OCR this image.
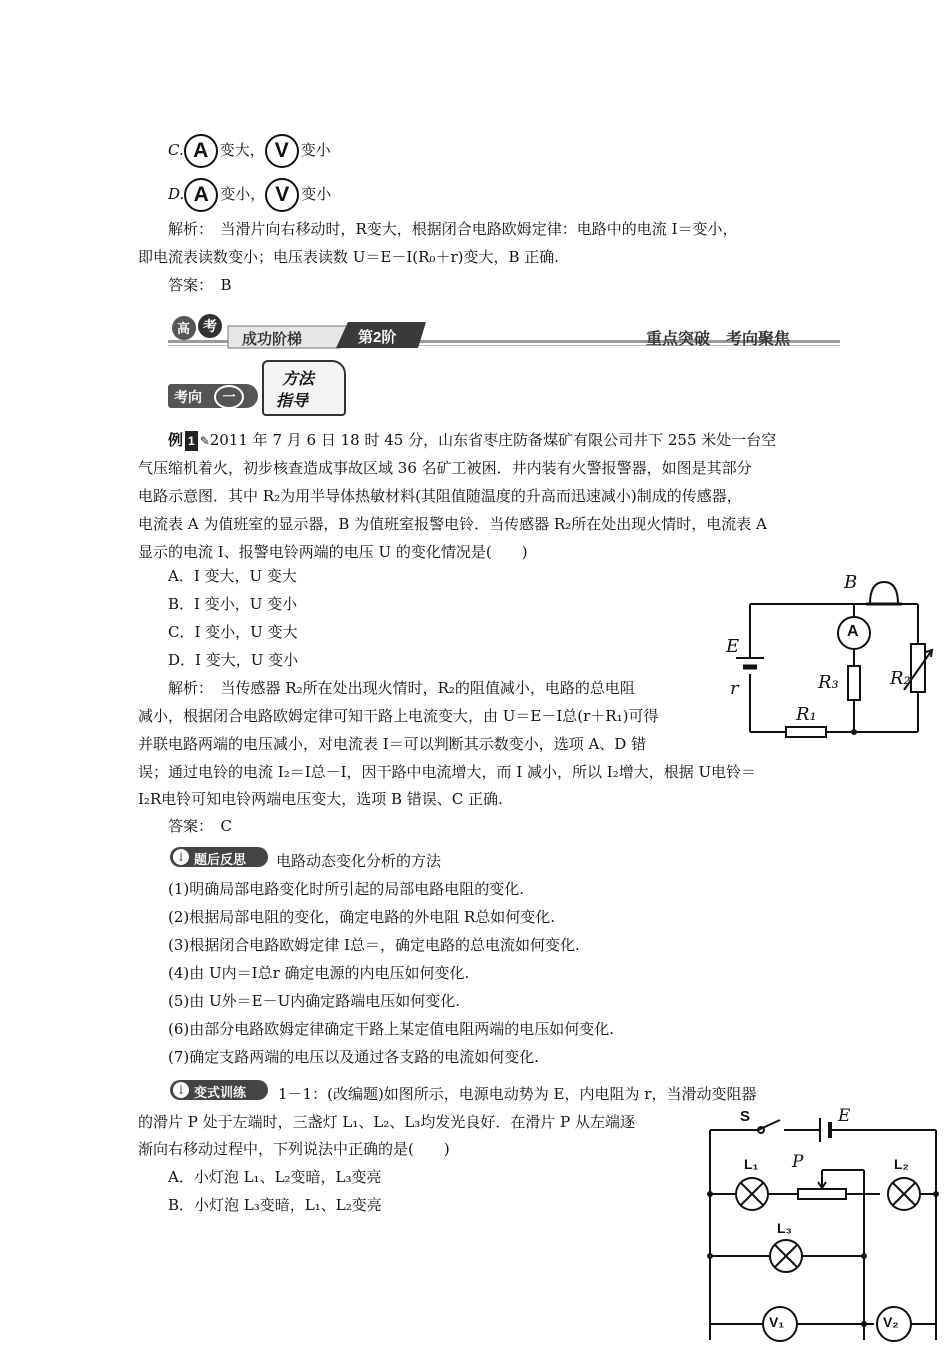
C. A 变大， V 变小
D. A 变小， V 变小
解析：　当滑片向右移动时，R变大，根据闭合电路欧姆定律：电路中的电流 I＝变小，
即电流表读数变小；电压表读数 U＝E－I(R₀＋r)变大，B 正确.
答案：　B
高 考
成功阶梯	第2阶	重点突破　考向聚焦
考向	一
方法
指导
例 1 ✎2011 年 7 月 6 日 18 时 45 分，山东省枣庄防备煤矿有限公司井下 255 米处一台空
气压缩机着火，初步核查造成事故区域 36 名矿工被困．井内装有火警报警器，如图是其部分
电路示意图．其中 R₂为用半导体热敏材料(其阻值随温度的升高而迅速减小)制成的传感器，
电流表 A 为值班室的显示器，B 为值班室报警电铃．当传感器 R₂所在处出现火情时，电流表 A
显示的电流 I、报警电铃两端的电压 U 的变化情况是(　　)
A．I 变大，U 变大
B．I 变小，U 变小
C．I 变小，U 变大
D．I 变大，U 变小
解析：　当传感器 R₂所在处出现火情时，R₂的阻值减小，电路的总电阻
减小，根据闭合电路欧姆定律可知干路上电流变大，由 U＝E－I总(r＋R₁)可得
并联电路两端的电压减小，对电流表 I＝可以判断其示数变小，选项 A、D 错
误；通过电铃的电流 I₂＝I总－I，因干路中电流增大，而 I 减小，所以 I₂增大，根据 U电铃＝
I₂R电铃可知电铃两端电压变大，选项 B 错误、C 正确.
答案：　C
B
A
E
r	R₃	R₂
R₁
↓ 题后反思 电路动态变化分析的方法
(1)明确局部电路变化时所引起的局部电路电阻的变化.
(2)根据局部电阻的变化，确定电路的外电阻 R总如何变化.
(3)根据闭合电路欧姆定律 I总＝，确定电路的总电流如何变化.
(4)由 U内＝I总r 确定电源的内电压如何变化.
(5)由 U外＝E－U内确定路端电压如何变化.
(6)由部分电路欧姆定律确定干路上某定值电阻两端的电压如何变化.
(7)确定支路两端的电压以及通过各支路的电流如何变化.
↓ 变式训练 1－1：(改编题)如图所示，电源电动势为 E，内电阻为 r，当滑动变阻器
的滑片 P 处于左端时，三盏灯 L₁、L₂、L₃均发光良好．在滑片 P 从左端逐
渐向右移动过程中，下列说法中正确的是(　　)
A．小灯泡 L₁、L₂变暗，L₃变亮
B．小灯泡 L₃变暗，L₁、L₂变亮
S	E
P
L₁	L₂
L₃
V₁	V₂
